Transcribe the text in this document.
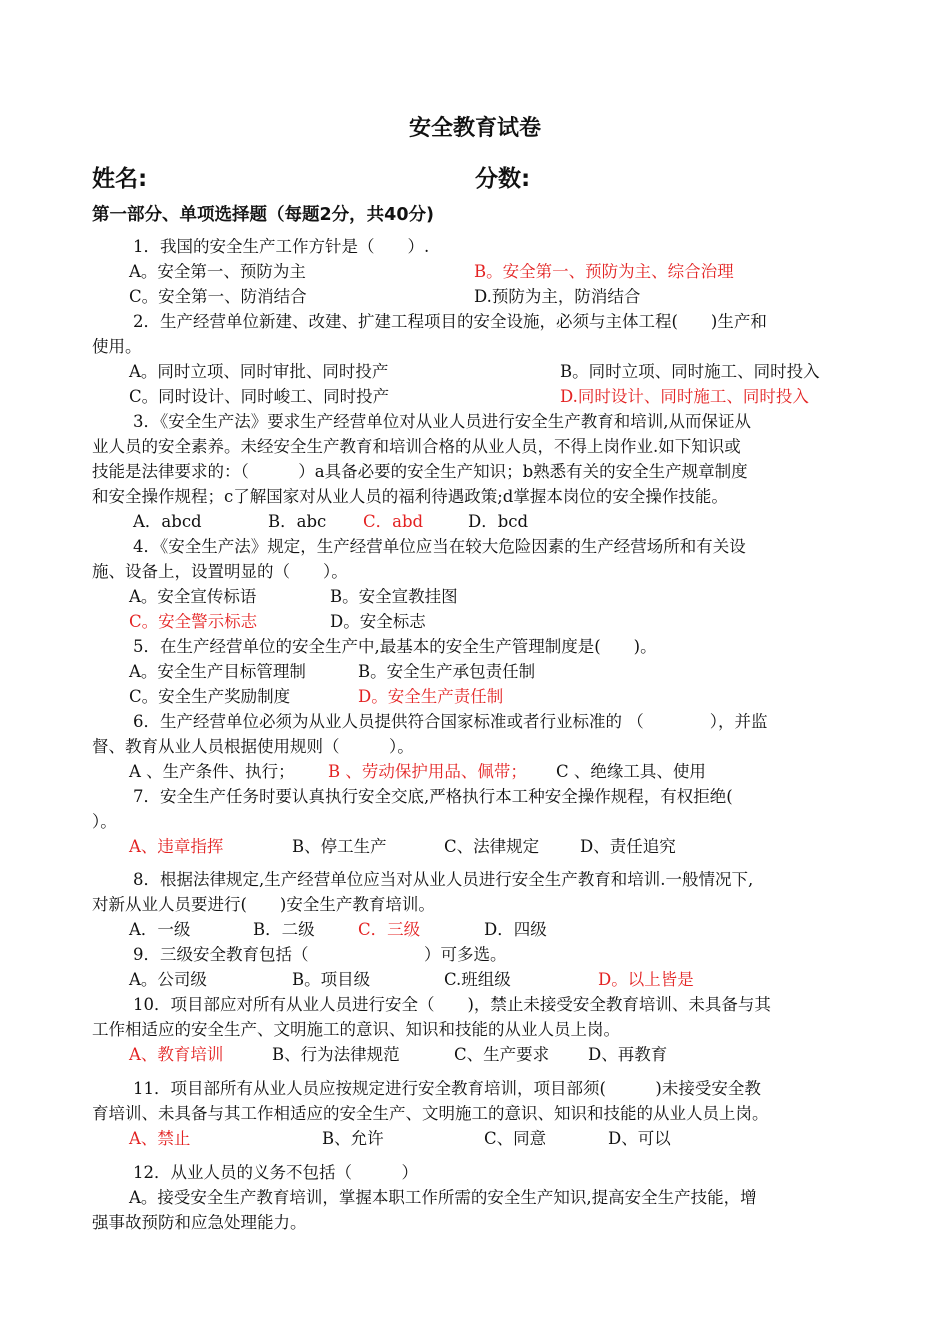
安全教育试卷
姓名:	分数:
第一部分、单项选择题（每题2分，共40分)
1．我国的安全生产工作方针是（　　）.
A。安全第一、预防为主	B。安全第一、预防为主、综合治理
C。安全第一、防消结合	D.预防为主，防消结合
2．生产经营单位新建、改建、扩建工程项目的安全设施，必须与主体工程(　　)生产和
使用。
A。同时立项、同时审批、同时投产	B。同时立项、同时施工、同时投入
C。同时设计、同时峻工、同时投产	D.同时设计、同时施工、同时投入
3．《安全生产法》要求生产经营单位对从业人员进行安全生产教育和培训,从而保证从
业人员的安全素养。未经安全生产教育和培训合格的从业人员，不得上岗作业.如下知识或
技能是法律要求的：（　　　）a具备必要的安全生产知识；b熟悉有关的安全生产规章制度
和安全操作规程；c了解国家对从业人员的福利待遇政策;d掌握本岗位的安全操作技能。
A．abcd	B．abc C．abd	D．bcd
4．《安全生产法》规定，生产经营单位应当在较大危险因素的生产经营场所和有关设
施、设备上，设置明显的（　　）。
A。安全宣传标语	B。安全宣教挂图
C。安全警示标志	D。安全标志
5．在生产经营单位的安全生产中,最基本的安全生产管理制度是(　　)。
A。安全生产目标管理制	B。安全生产承包责任制
C。安全生产奖励制度	D。安全生产责任制
6．生产经营单位必须为从业人员提供符合国家标准或者行业标准的 （　　　　），并监
督、教育从业人员根据使用规则（　　　）。
A 、生产条件、执行； B 、劳动保护用品、佩带； C 、绝缘工具、使用
7．安全生产任务时要认真执行安全交底,严格执行本工种安全操作规程，有权拒绝(
）。
A、违章指挥	B、停工生产	C、法律规定 D、责任追究
8．根据法律规定,生产经营单位应当对从业人员进行安全生产教育和培训.一般情况下,
对新从业人员要进行(　　)安全生产教育培训。
A．一级	B．二级	C．三级	D．四级
9．三级安全教育包括（　　　　　　　）可多选。
A。公司级	B。项目级	C.班组级	D。以上皆是
10．项目部应对所有从业人员进行安全（　　)，禁止未接受安全教育培训、未具备与其
工作相适应的安全生产、文明施工的意识、知识和技能的从业人员上岗。
A、教育培训	B、行为法律规范	C、生产要求 D、再教育
11．项目部所有从业人员应按规定进行安全教育培训，项目部须(　　　)未接受安全教
育培训、未具备与其工作相适应的安全生产、文明施工的意识、知识和技能的从业人员上岗。
A、禁止	B、允许	C、同意	D、可以
12．从业人员的义务不包括（　　　）
A。接受安全生产教育培训，掌握本职工作所需的安全生产知识,提高安全生产技能，增
强事故预防和应急处理能力。
